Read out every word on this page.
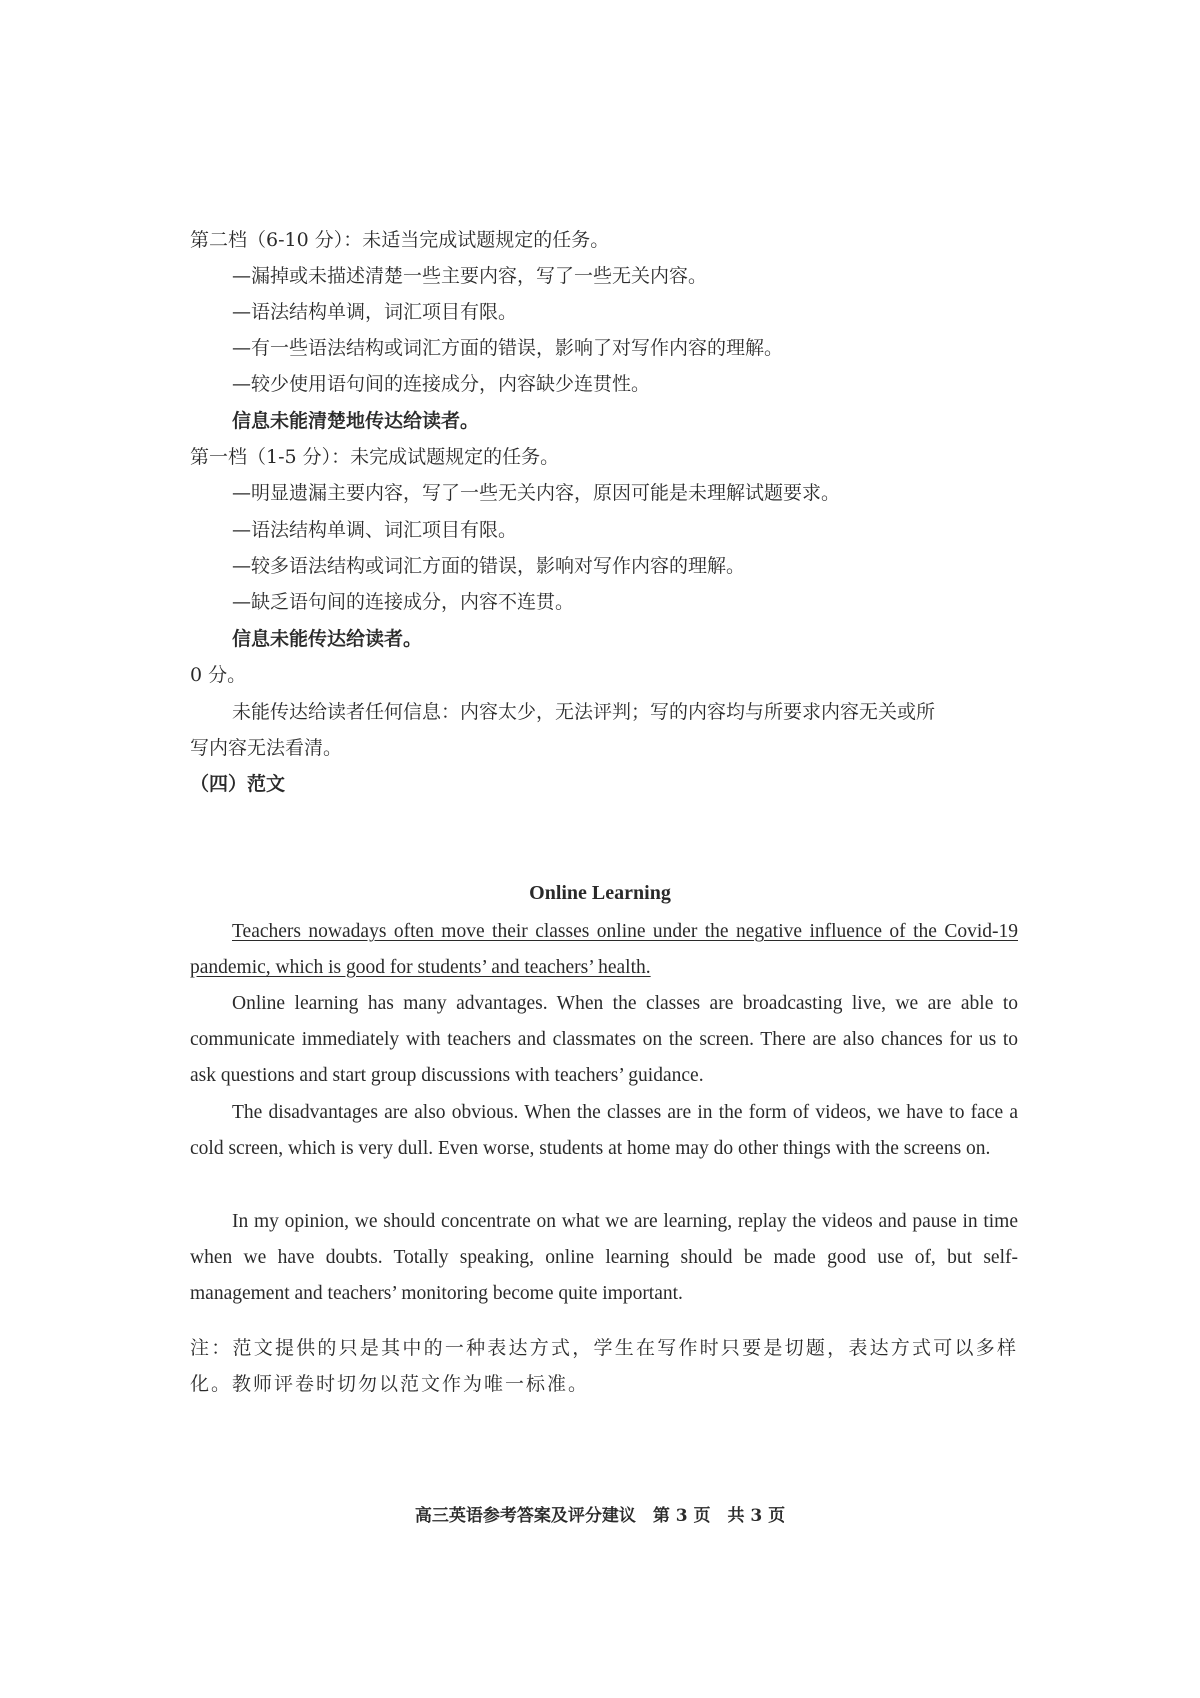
第二档（6-10 分）：未适当完成试题规定的任务。
—漏掉或未描述清楚一些主要内容，写了一些无关内容。
—语法结构单调，词汇项目有限。
—有一些语法结构或词汇方面的错误，影响了对写作内容的理解。
—较少使用语句间的连接成分，内容缺少连贯性。
信息未能清楚地传达给读者。
第一档（1-5 分）：未完成试题规定的任务。
—明显遗漏主要内容，写了一些无关内容，原因可能是未理解试题要求。
—语法结构单调、词汇项目有限。
—较多语法结构或词汇方面的错误，影响对写作内容的理解。
—缺乏语句间的连接成分，内容不连贯。
信息未能传达给读者。
0 分。
未能传达给读者任何信息：内容太少，无法评判；写的内容均与所要求内容无关或所
写内容无法看清。
（四）范文
Online Learning

Teachers nowadays often move their classes online under the negative influence of the Covid-19 pandemic, which is good for students’ and teachers’ health.

Online learning has many advantages. When the classes are broadcasting live, we are able to communicate immediately with teachers and classmates on the screen. There are also chances for us to ask questions and start group discussions with teachers’ guidance.

The disadvantages are also obvious. When the classes are in the form of videos, we have to face a cold screen, which is very dull. Even worse, students at home may do other things with the screens on.

In my opinion, we should concentrate on what we are learning, replay the videos and pause in time when we have doubts. Totally speaking, online learning should be made good use of, but self-management and teachers’ monitoring become quite important.

注：范文提供的只是其中的一种表达方式，学生在写作时只要是切题，表达方式可以多样化。教师评卷时切勿以范文作为唯一标准。

高三英语参考答案及评分建议　第 3 页　共 3 页
